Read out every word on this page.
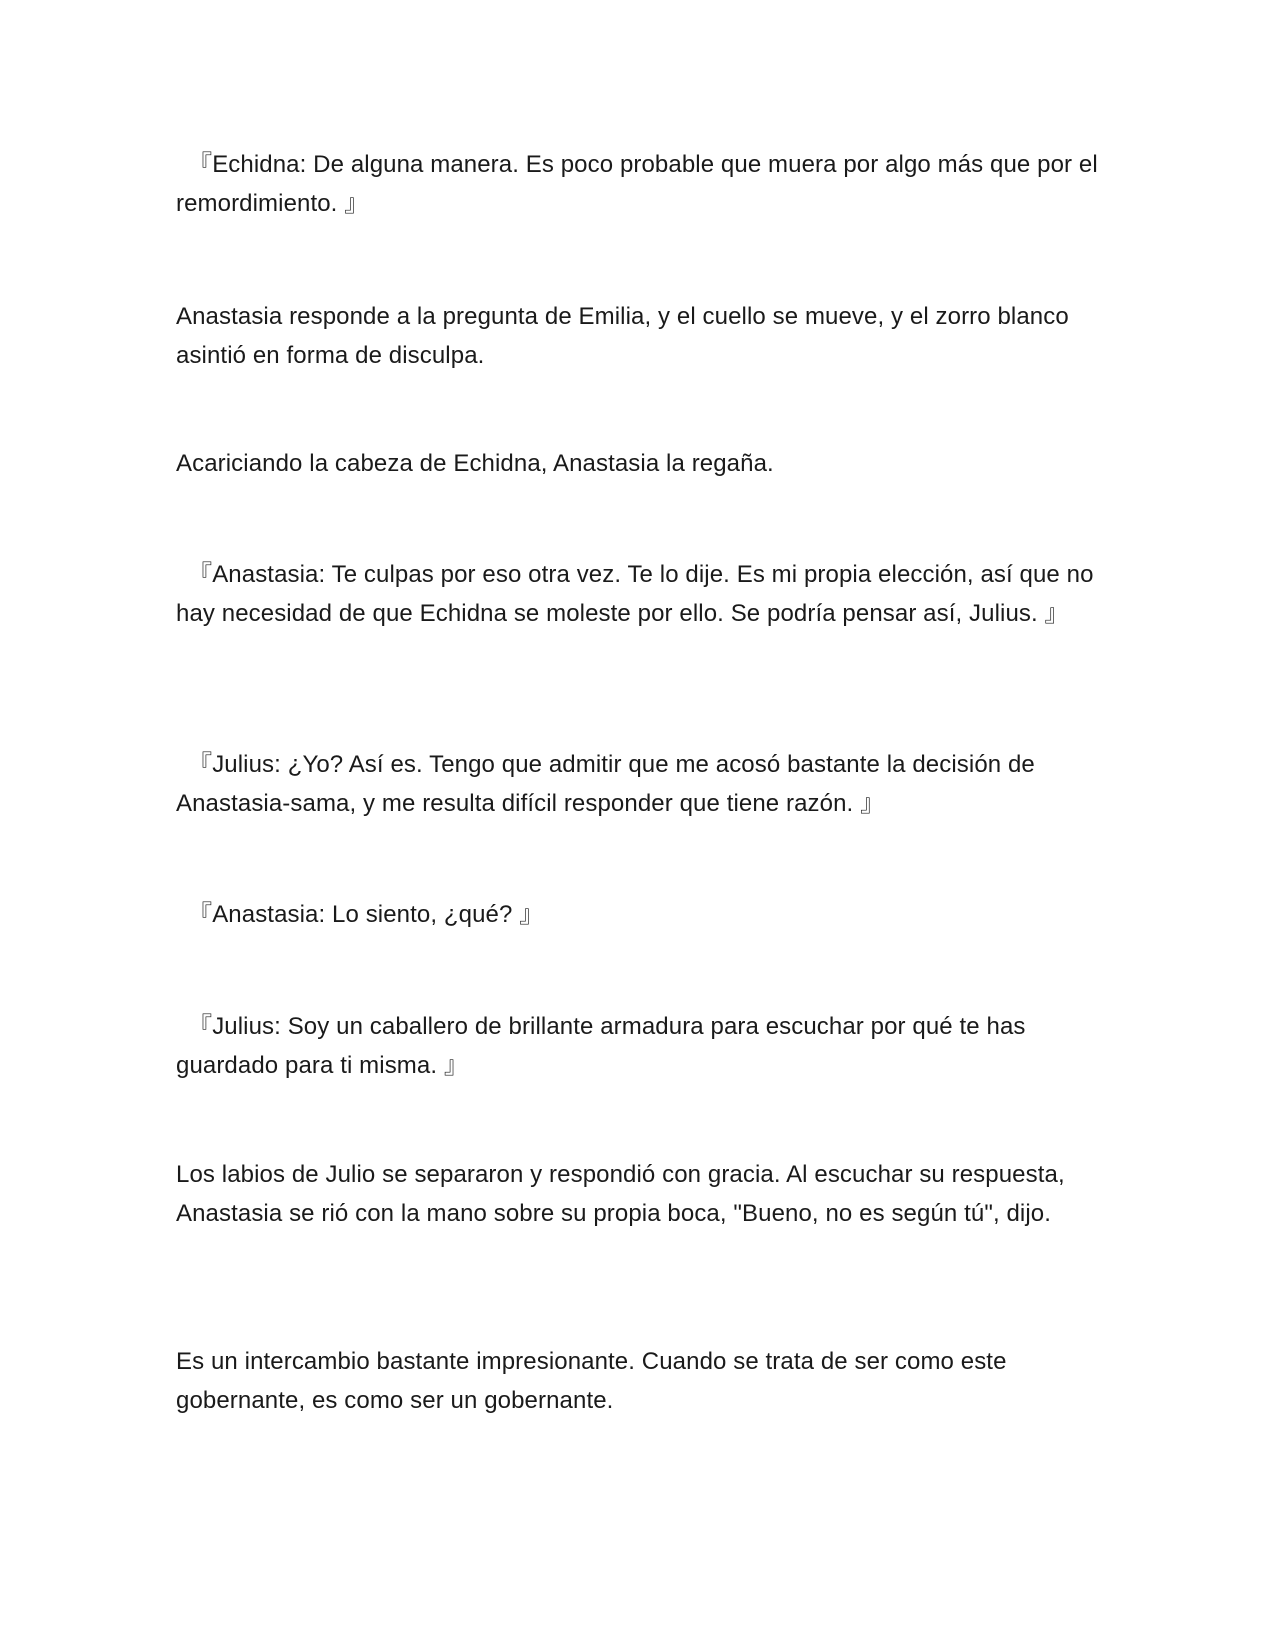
　『Echidna: De alguna manera. Es poco probable que muera por algo más que por el remordimiento. 』

Anastasia responde a la pregunta de Emilia, y el cuello se mueve, y el zorro blanco asintió en forma de disculpa.

Acariciando la cabeza de Echidna, Anastasia la regaña.

　『Anastasia: Te culpas por eso otra vez. Te lo dije. Es mi propia elección, así que no hay necesidad de que Echidna se moleste por ello. Se podría pensar así, Julius. 』

　『Julius: ¿Yo? Así es. Tengo que admitir que me acosó bastante la decisión de Anastasia-sama, y me resulta difícil responder que tiene razón. 』

　『Anastasia: Lo siento, ¿qué? 』

　『Julius: Soy un caballero de brillante armadura para escuchar por qué te has guardado para ti misma. 』

Los labios de Julio se separaron y respondió con gracia. Al escuchar su respuesta, Anastasia se rió con la mano sobre su propia boca, "Bueno, no es según tú", dijo.

Es un intercambio bastante impresionante. Cuando se trata de ser como este gobernante, es como ser un gobernante.
